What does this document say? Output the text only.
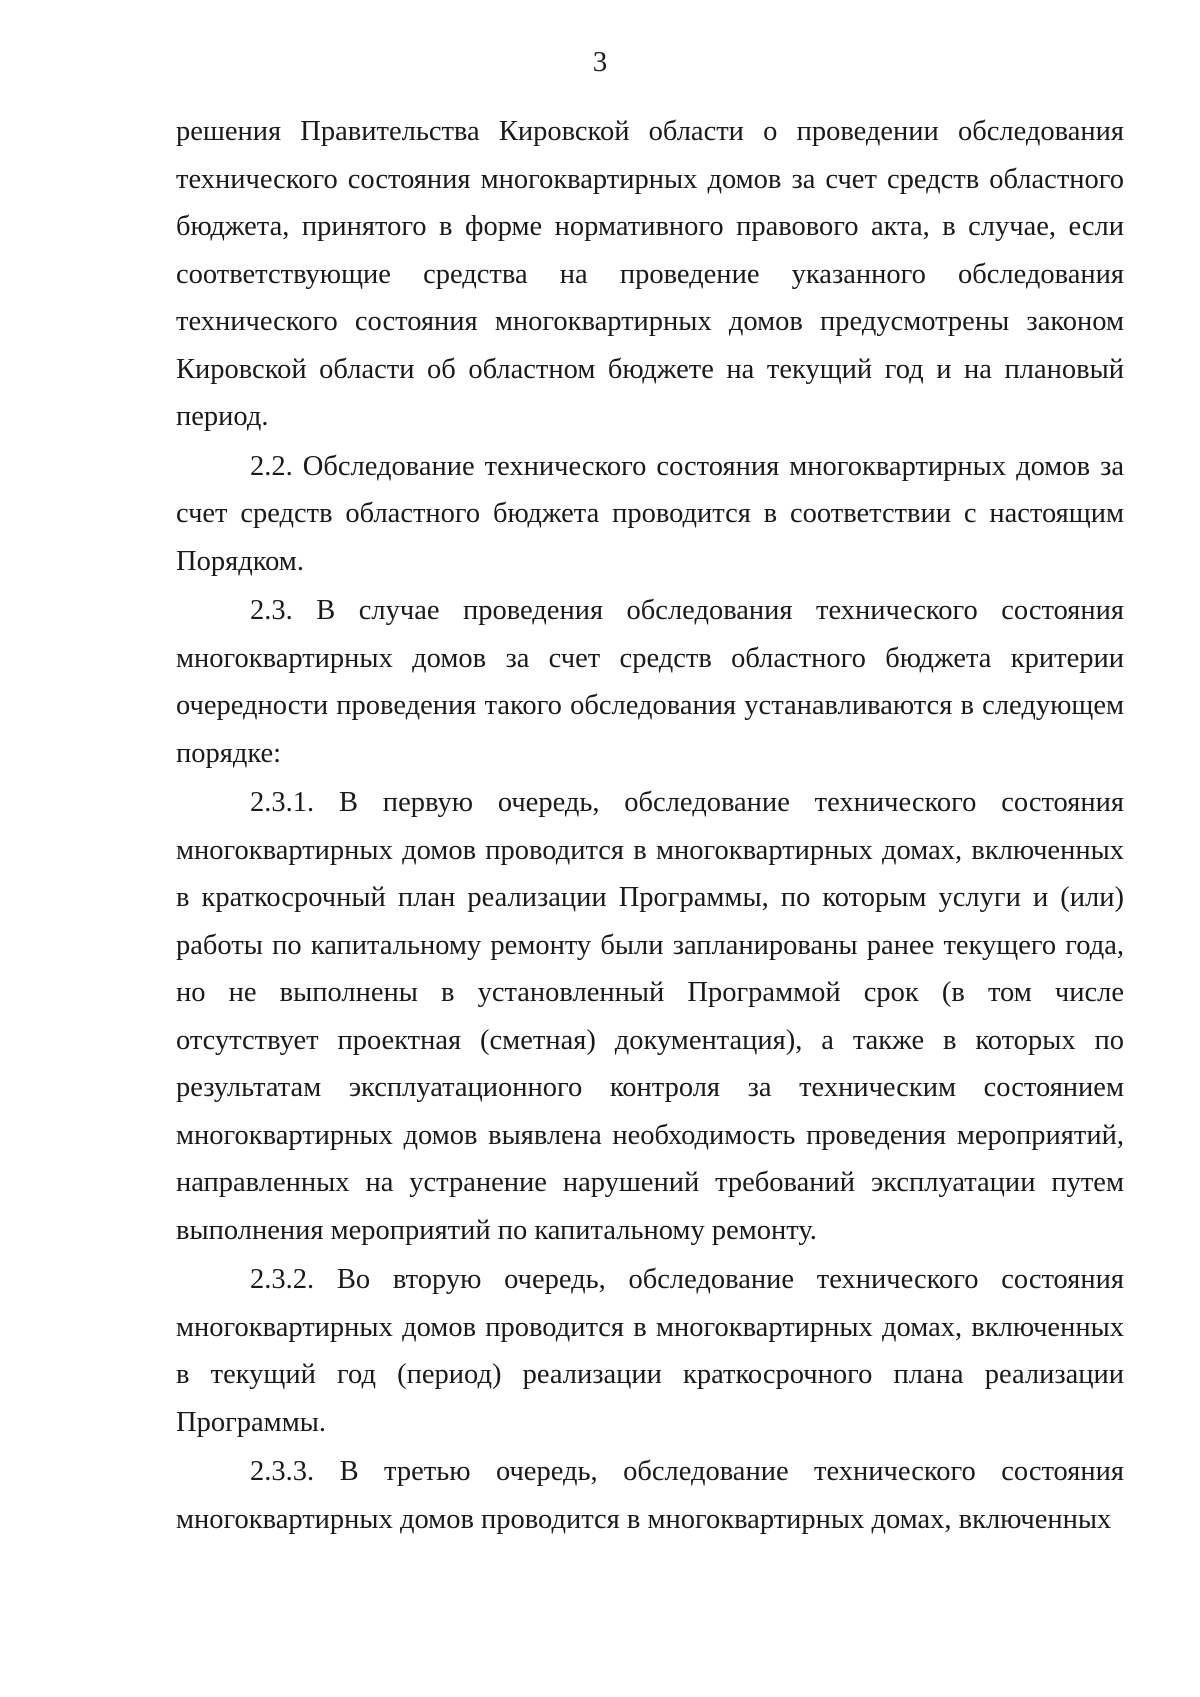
3

решения Правительства Кировской области о проведении обследования технического состояния многоквартирных домов за счет средств областного бюджета, принятого в форме нормативного правового акта, в случае, если соответствующие средства на проведение указанного обследования технического состояния многоквартирных домов предусмотрены законом Кировской области об областном бюджете на текущий год и на плановый период.

2.2. Обследование технического состояния многоквартирных домов за счет средств областного бюджета проводится в соответствии с настоящим Порядком.

2.3. В случае проведения обследования технического состояния многоквартирных домов за счет средств областного бюджета критерии очередности проведения такого обследования устанавливаются в следующем порядке:

2.3.1. В первую очередь, обследование технического состояния многоквартирных домов проводится в многоквартирных домах, включенных в краткосрочный план реализации Программы, по которым услуги и (или) работы по капитальному ремонту были запланированы ранее текущего года, но не выполнены в установленный Программой срок (в том числе отсутствует проектная (сметная) документация), а также в которых по результатам эксплуатационного контроля за техническим состоянием многоквартирных домов выявлена необходимость проведения мероприятий, направленных на устранение нарушений требований эксплуатации путем выполнения мероприятий по капитальному ремонту.

2.3.2. Во вторую очередь, обследование технического состояния многоквартирных домов проводится в многоквартирных домах, включенных в текущий год (период) реализации краткосрочного плана реализации Программы.

2.3.3. В третью очередь, обследование технического состояния многоквартирных домов проводится в многоквартирных домах, включенных
